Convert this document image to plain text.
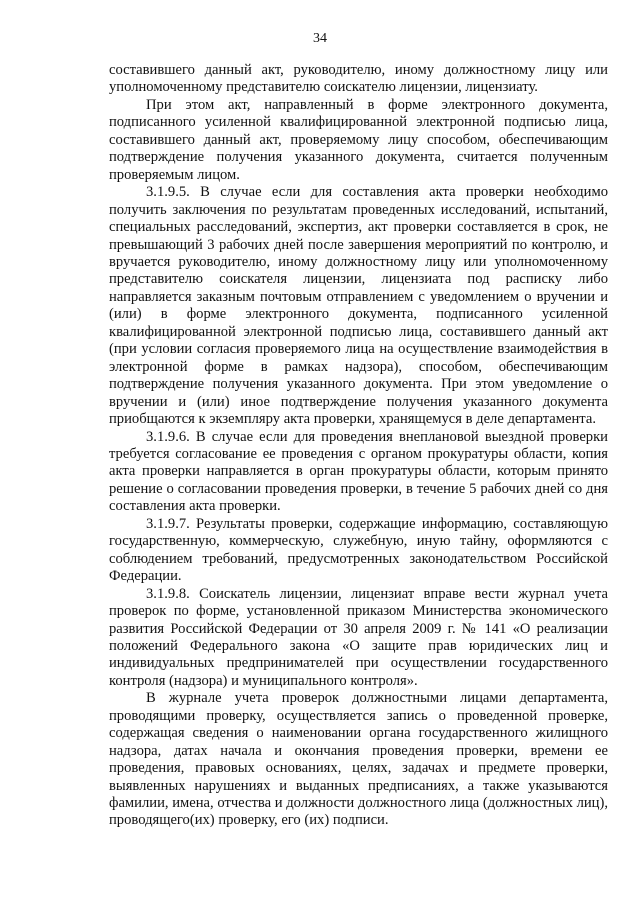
34

составившего данный акт, руководителю, иному должностному лицу или уполномоченному представителю соискателю лицензии, лицензиату.

При этом акт, направленный в форме электронного документа, подписанного усиленной квалифицированной электронной подписью лица, составившего данный акт, проверяемому лицу способом, обеспечивающим подтверждение получения указанного документа, считается полученным проверяемым лицом.

3.1.9.5. В случае если для составления акта проверки необходимо получить заключения по результатам проведенных исследований, испытаний, специальных расследований, экспертиз, акт проверки составляется в срок, не превышающий 3 рабочих дней после завершения мероприятий по контролю, и вручается руководителю, иному должностному лицу или уполномоченному представителю соискателя лицензии, лицензиата под расписку либо направляется заказным почтовым отправлением с уведомлением о вручении и (или) в форме электронного документа, подписанного усиленной квалифицированной электронной подписью лица, составившего данный акт (при условии согласия проверяемого лица на осуществление взаимодействия в электронной форме в рамках надзора), способом, обеспечивающим подтверждение получения указанного документа. При этом уведомление о вручении и (или) иное подтверждение получения указанного документа приобщаются к экземпляру акта проверки, хранящемуся в деле департамента.

3.1.9.6. В случае если для проведения внеплановой выездной проверки требуется согласование ее проведения с органом прокуратуры области, копия акта проверки направляется в орган прокуратуры области, которым принято решение о согласовании проведения проверки, в течение 5 рабочих дней со дня составления акта проверки.

3.1.9.7. Результаты проверки, содержащие информацию, составляющую государственную, коммерческую, служебную, иную тайну, оформляются с соблюдением требований, предусмотренных законодательством Российской Федерации.

3.1.9.8. Соискатель лицензии, лицензиат вправе вести журнал учета проверок по форме, установленной приказом Министерства экономического развития Российской Федерации от 30 апреля 2009 г. № 141 «О реализации положений Федерального закона «О защите прав юридических лиц и индивидуальных предпринимателей при осуществлении государственного контроля (надзора) и муниципального контроля».

В журнале учета проверок должностными лицами департамента, проводящими проверку, осуществляется запись о проведенной проверке, содержащая сведения о наименовании органа государственного жилищного надзора, датах начала и окончания проведения проверки, времени ее проведения, правовых основаниях, целях, задачах и предмете проверки, выявленных нарушениях и выданных предписаниях, а также указываются фамилии, имена, отчества и должности должностного лица (должностных лиц), проводящего(их) проверку, его (их) подписи.
